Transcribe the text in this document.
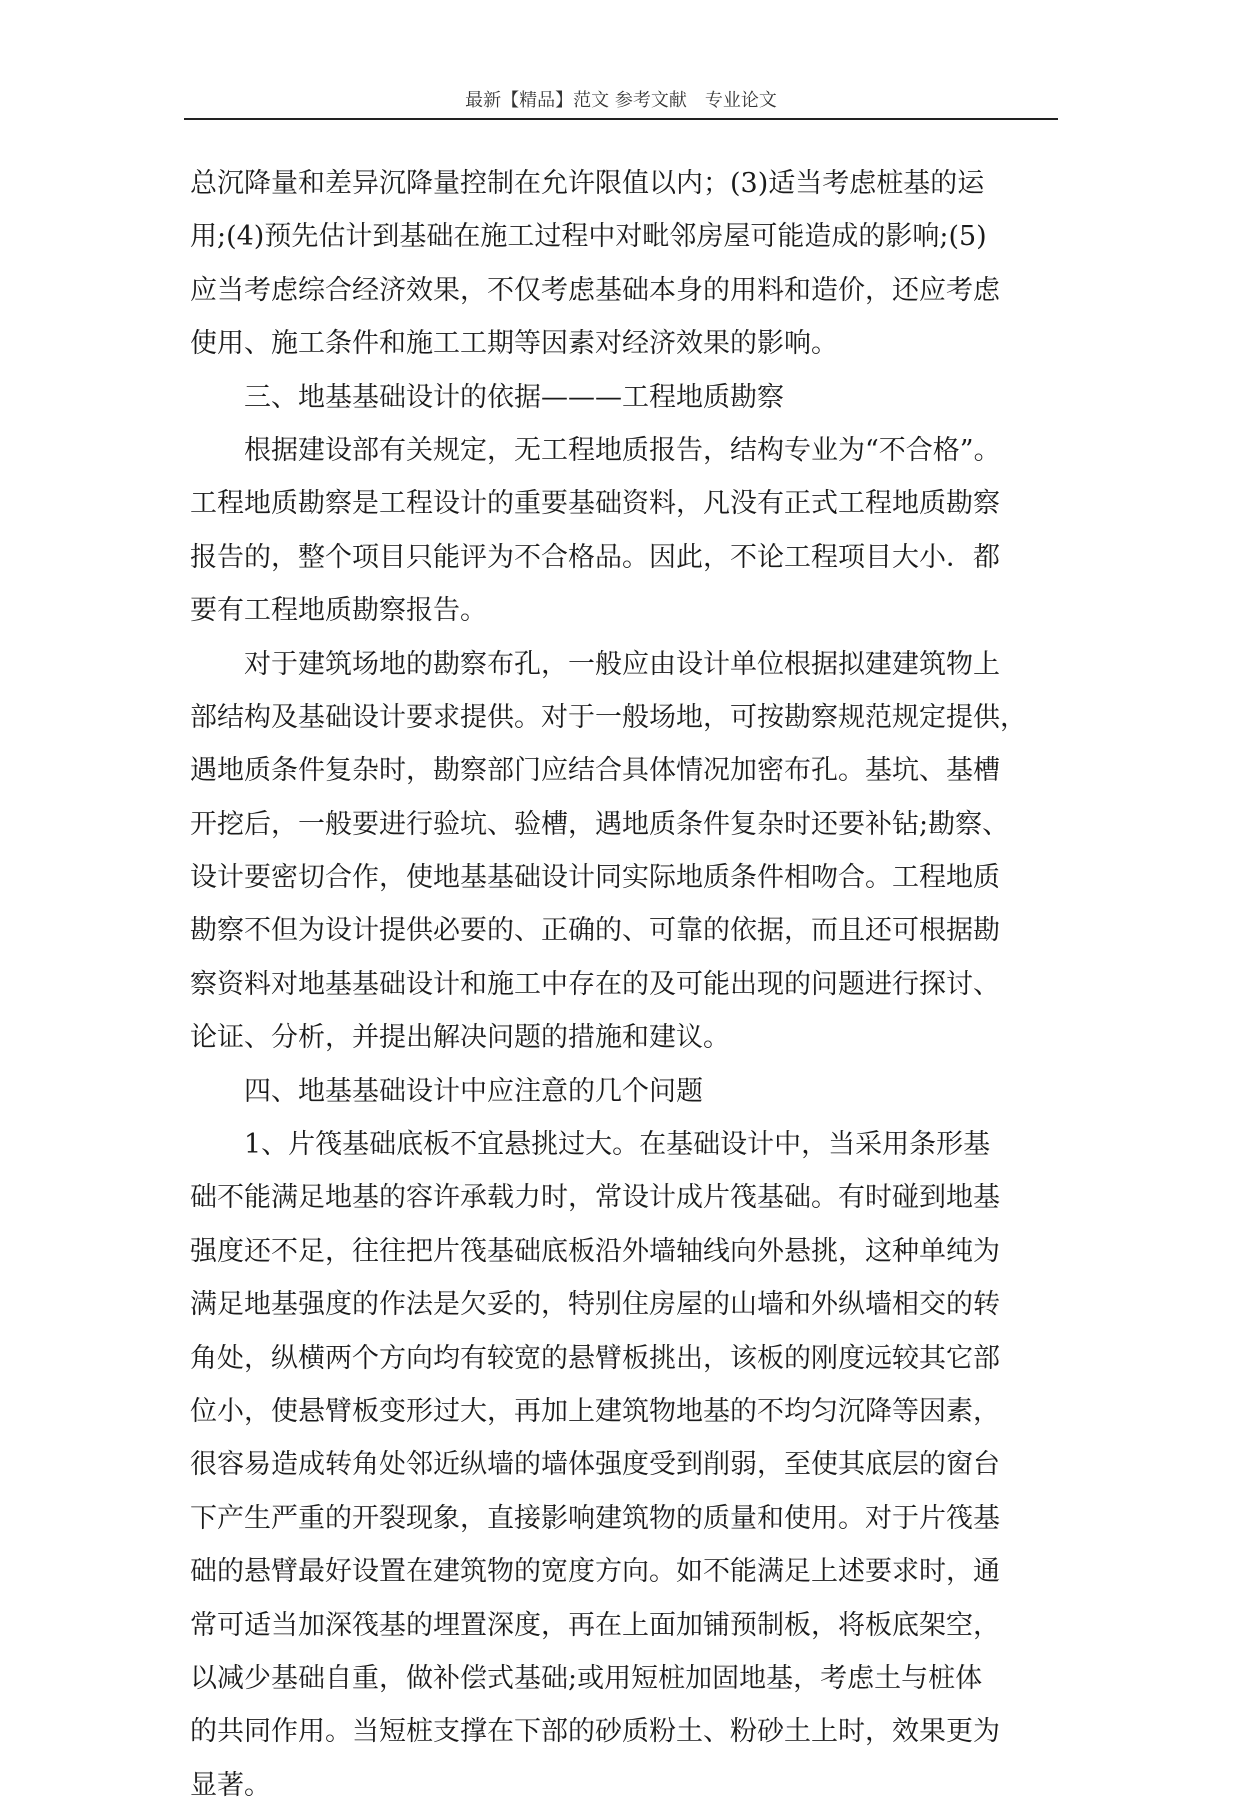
最新【精品】范文 参考文献　专业论文
总沉降量和差异沉降量控制在允许限值以内；(3)适当考虑桩基的运
用;(4)预先估计到基础在施工过程中对毗邻房屋可能造成的影响;(5)
应当考虑综合经济效果，不仅考虑基础本身的用料和造价，还应考虑
使用、施工条件和施工工期等因素对经济效果的影响。
三、地基基础设计的依据———工程地质勘察
根据建设部有关规定，无工程地质报告，结构专业为“不合格”。
工程地质勘察是工程设计的重要基础资料，凡没有正式工程地质勘察
报告的，整个项目只能评为不合格品。因此，不论工程项目大小．都
要有工程地质勘察报告。
对于建筑场地的勘察布孔，一般应由设计单位根据拟建建筑物上
部结构及基础设计要求提供。对于一般场地，可按勘察规范规定提供，
遇地质条件复杂时，勘察部门应结合具体情况加密布孔。基坑、基槽
开挖后，一般要进行验坑、验槽，遇地质条件复杂时还要补钻;勘察、
设计要密切合作，使地基基础设计同实际地质条件相吻合。工程地质
勘察不但为设计提供必要的、正确的、可靠的依据，而且还可根据勘
察资料对地基基础设计和施工中存在的及可能出现的问题进行探讨、
论证、分析，并提出解决问题的措施和建议。
四、地基基础设计中应注意的几个问题
1、片筏基础底板不宜悬挑过大。在基础设计中，当采用条形基
础不能满足地基的容许承载力时，常设计成片筏基础。有时碰到地基
强度还不足，往往把片筏基础底板沿外墙轴线向外悬挑，这种单纯为
满足地基强度的作法是欠妥的，特别住房屋的山墙和外纵墙相交的转
角处，纵横两个方向均有较宽的悬臂板挑出，该板的刚度远较其它部
位小，使悬臂板变形过大，再加上建筑物地基的不均匀沉降等因素，
很容易造成转角处邻近纵墙的墙体强度受到削弱，至使其底层的窗台
下产生严重的开裂现象，直接影响建筑物的质量和使用。对于片筏基
础的悬臂最好设置在建筑物的宽度方向。如不能满足上述要求时，通
常可适当加深筏基的埋置深度，再在上面加铺预制板，将板底架空，
以减少基础自重，做补偿式基础;或用短桩加固地基，考虑土与桩体
的共同作用。当短桩支撑在下部的砂质粉土、粉砂土上时，效果更为
显著。
